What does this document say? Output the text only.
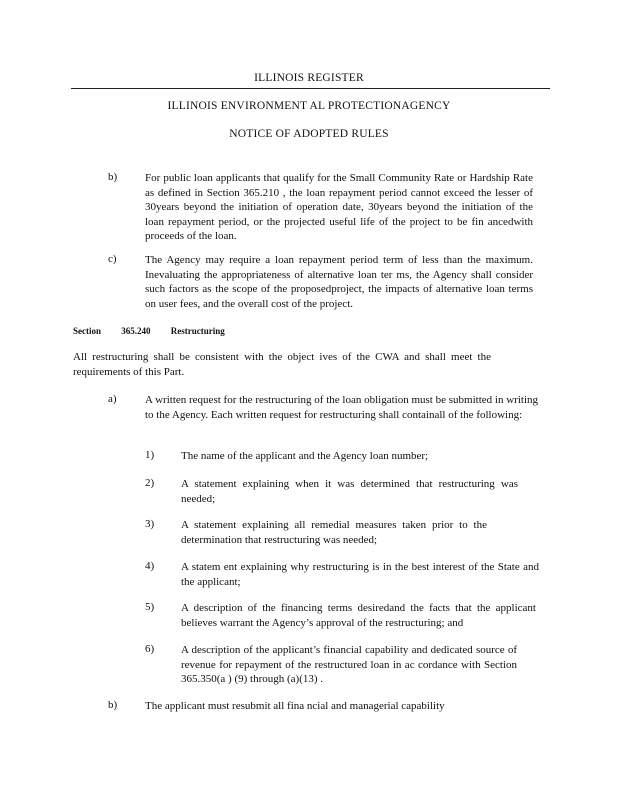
ILLINOIS REGISTER
ILLINOIS ENVIRONMENT AL PROTECTIONAGENCY
NOTICE OF ADOPTED RULES
b)	For public loan applicants that qualify for the Small Community Rate or Hardship Rate as defined in Section 365.210 , the loan repayment period cannot exceed the lesser of 30years beyond the initiation of operation date, 30years beyond the initiation of the loan repayment period, or the projected useful life of the project to be fin ancedwith proceeds of the loan.

c)	The Agency may require a loan repayment period term of less than the maximum. Inevaluating the appropriateness of alternative loan ter ms, the Agency shall consider such factors as the scope of the proposedproject, the impacts of alternative loan terms on user fees, and the overall cost of the project.

Section 365.240 Restructuring

All restructuring shall be consistent with the object ives of the CWA and shall meet the requirements of this Part.

a)	A written request for the restructuring of the loan obligation must be submitted in writing to the Agency. Each written request for restructuring shall containall of the following:

1) The name of the applicant and the Agency loan number;

2) A statement explaining when it was determined that restructuring was needed;

3) A statement explaining all remedial measures taken prior to the determination that restructuring was needed;

4) A statem ent explaining why restructuring is in the best interest of the State and the applicant;

5) A description of the financing terms desiredand the facts that the applicant believes warrant the Agency’s approval of the restructuring; and

6) A description of the applicant’s financial capability and dedicated source of revenue for repayment of the restructured loan in ac cordance with Section 365.350(a ) (9) through (a)(13) .

b)	The applicant must resubmit all fina ncial and managerial capability
